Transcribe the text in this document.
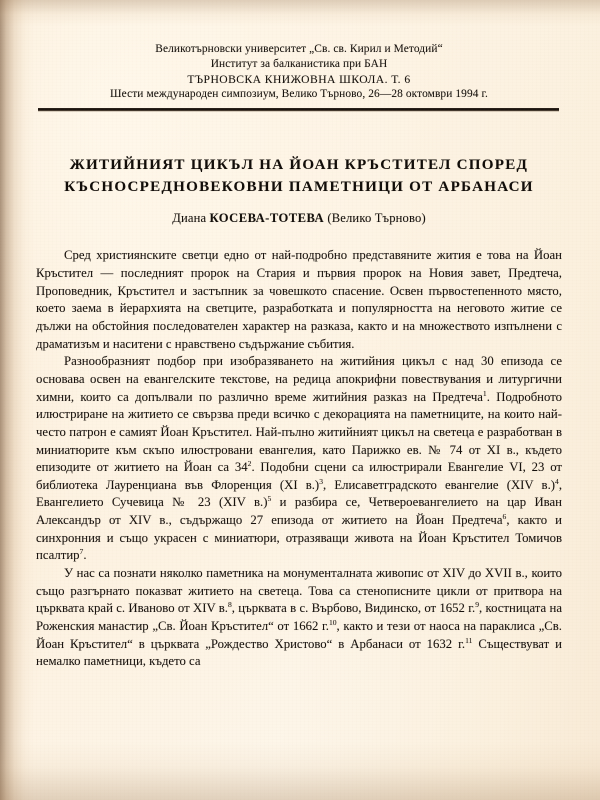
Великотърновски университет „Св. св. Кирил и Методий“
Институт за балканистика при БАН
ТЪРНОВСКА КНИЖОВНА ШКОЛА. Т. 6
Шести международен симпозиум, Велико Търново, 26—28 октомври 1994 г.
ЖИТИЙНИЯТ ЦИКЪЛ НА ЙОАН КРЪСТИТЕЛ СПОРЕД
КЪСНОСРЕДНОВЕКОВНИ ПАМЕТНИЦИ ОТ АРБАНАСИ
Диана КОСЕВА-ТОТЕВА (Велико Търново)

Сред християнските светци едно от най-подробно представяните жития е това на Йоан Кръстител — последният пророк на Стария и първия пророк на Новия завет, Предтеча, Проповедник, Кръстител и застъпник за човешкото спасение. Освен първостепенното място, което заема в йерархията на светците, разработката и популярността на неговото житие се дължи на обстойния последователен характер на разказа, както и на множеството изпълнени с драматизъм и наситени с нравствено съдържание събития.

Разнообразният подбор при изобразяването на житийния цикъл с над 30 епизода се основава освен на евангелските текстове, на редица апокрифни повествувания и литургични химни, които са допълвали по различно време житийния разказ на Предтеча$^1$. Подробното илюстриране на житието се свързва преди всичко с декорацията на паметниците, на които най-често патрон е самият Йоан Кръстител. Най-пълно житийният цикъл на светеца е разработван в миниатюрите към скъпо илюстровани евангелия, като Парижко ев. № 74 от XI в., където епизодите от житието на Йоан са $34^2$. Подобни сцени са илюстрирали Евангелие VI, 23 от библиотека Лауренциана във Флоренция (XI в.)$^3$, Елисаветградското евангелие (XIV в.)$^4$, Евангелието Сучевица № 23 (XIV в.)$^5$ и разбира се, Четвероевангелието на цар Иван Александър от XIV в., съдържащо 27 епизода от житието на Йоан Предтеча$^6$, както и синхронния и също украсен с миниатюри, отразяващи живота на Йоан Кръстител Томичов псалтир$^7$.

У нас са познати няколко паметника на монументалната живопис от XIV до XVII в., които също разгърнато показват житието на светеца. Това са стенописните цикли от притвора на църквата край с. Иваново от XIV в.$^8$, църквата в с. Върбово, Видинско, от 1652 г.$^9$, костницата на Роженския манастир „Св. Йоан Кръстител“ от 1662 г.$^{10}$, както и тези от наоса на параклиса „Св. Йоан Кръстител“ в църквата „Рождество Христово“ в Арбанаси от 1632 г.$^{11}$ Съществуват и немалко паметници, където са
